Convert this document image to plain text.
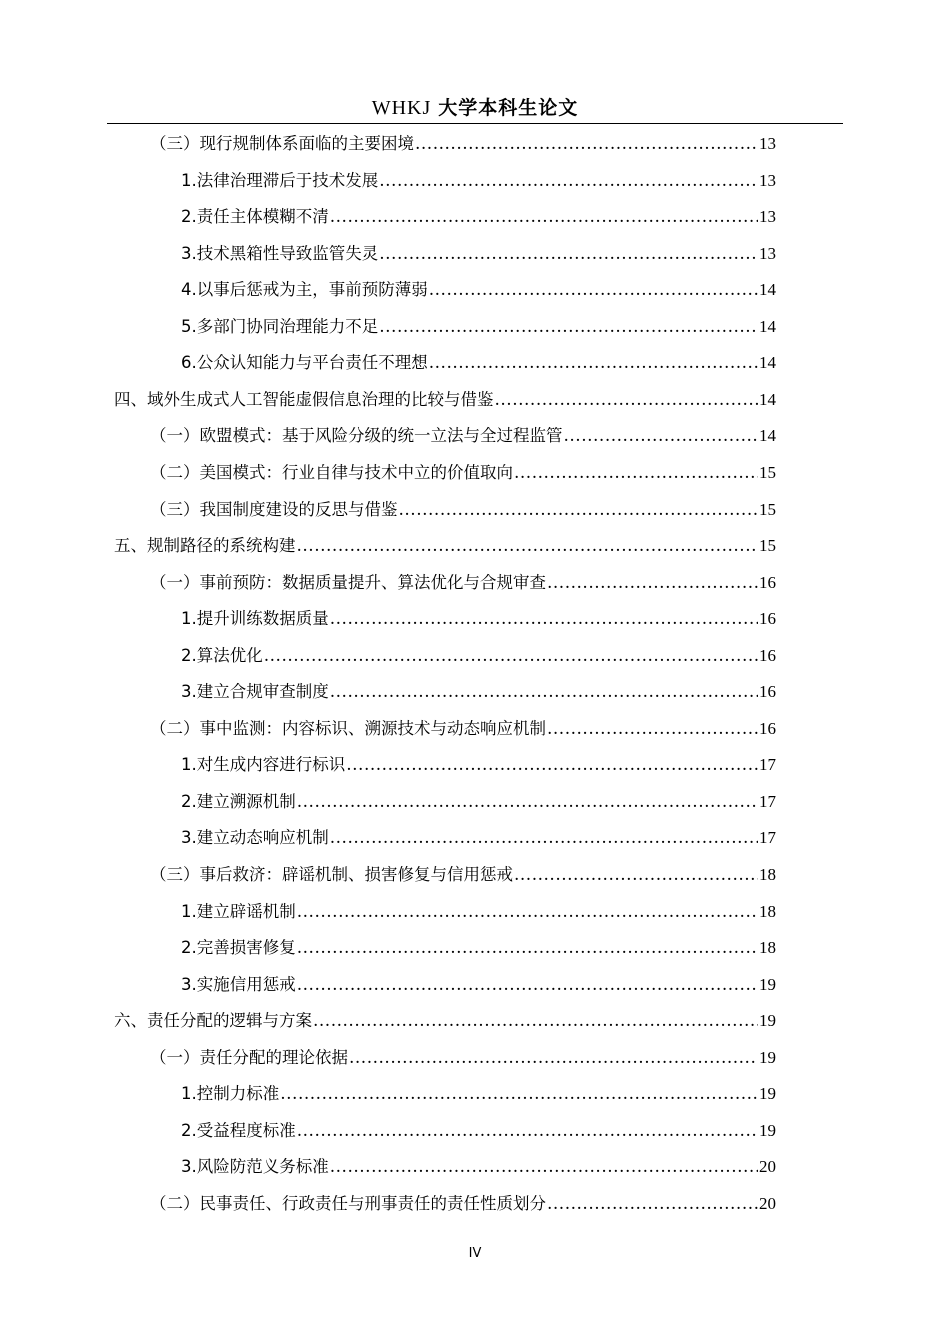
WHKJ 大学本科生论文
（三）现行规制体系面临的主要困境 .....	13
1.法律治理滞后于技术发展 .....	13
2.责任主体模糊不清 .....	13
3.技术黑箱性导致监管失灵 .....	13
4.以事后惩戒为主，事前预防薄弱 .....	14
5.多部门协同治理能力不足 .....	14
6.公众认知能力与平台责任不理想 .....	14
四、域外生成式人工智能虚假信息治理的比较与借鉴 .....	14
（一）欧盟模式：基于风险分级的统一立法与全过程监管 .....	14
（二）美国模式：行业自律与技术中立的价值取向 .....	15
（三）我国制度建设的反思与借鉴 .....	15
五、规制路径的系统构建 .....	15
（一）事前预防：数据质量提升、算法优化与合规审查 .....	16
1.提升训练数据质量 .....	16
2.算法优化 .....	16
3.建立合规审查制度 .....	16
（二）事中监测：内容标识、溯源技术与动态响应机制 .....	16
1.对生成内容进行标识 .....	17
2.建立溯源机制 .....	17
3.建立动态响应机制 .....	17
（三）事后救济：辟谣机制、损害修复与信用惩戒 .....	18
1.建立辟谣机制 .....	18
2.完善损害修复 .....	18
3.实施信用惩戒 .....	19
六、责任分配的逻辑与方案 .....	19
（一）责任分配的理论依据 .....	19
1.控制力标准 .....	19
2.受益程度标准 .....	19
3.风险防范义务标准 .....	20
（二）民事责任、行政责任与刑事责任的责任性质划分 .....	20
IV
